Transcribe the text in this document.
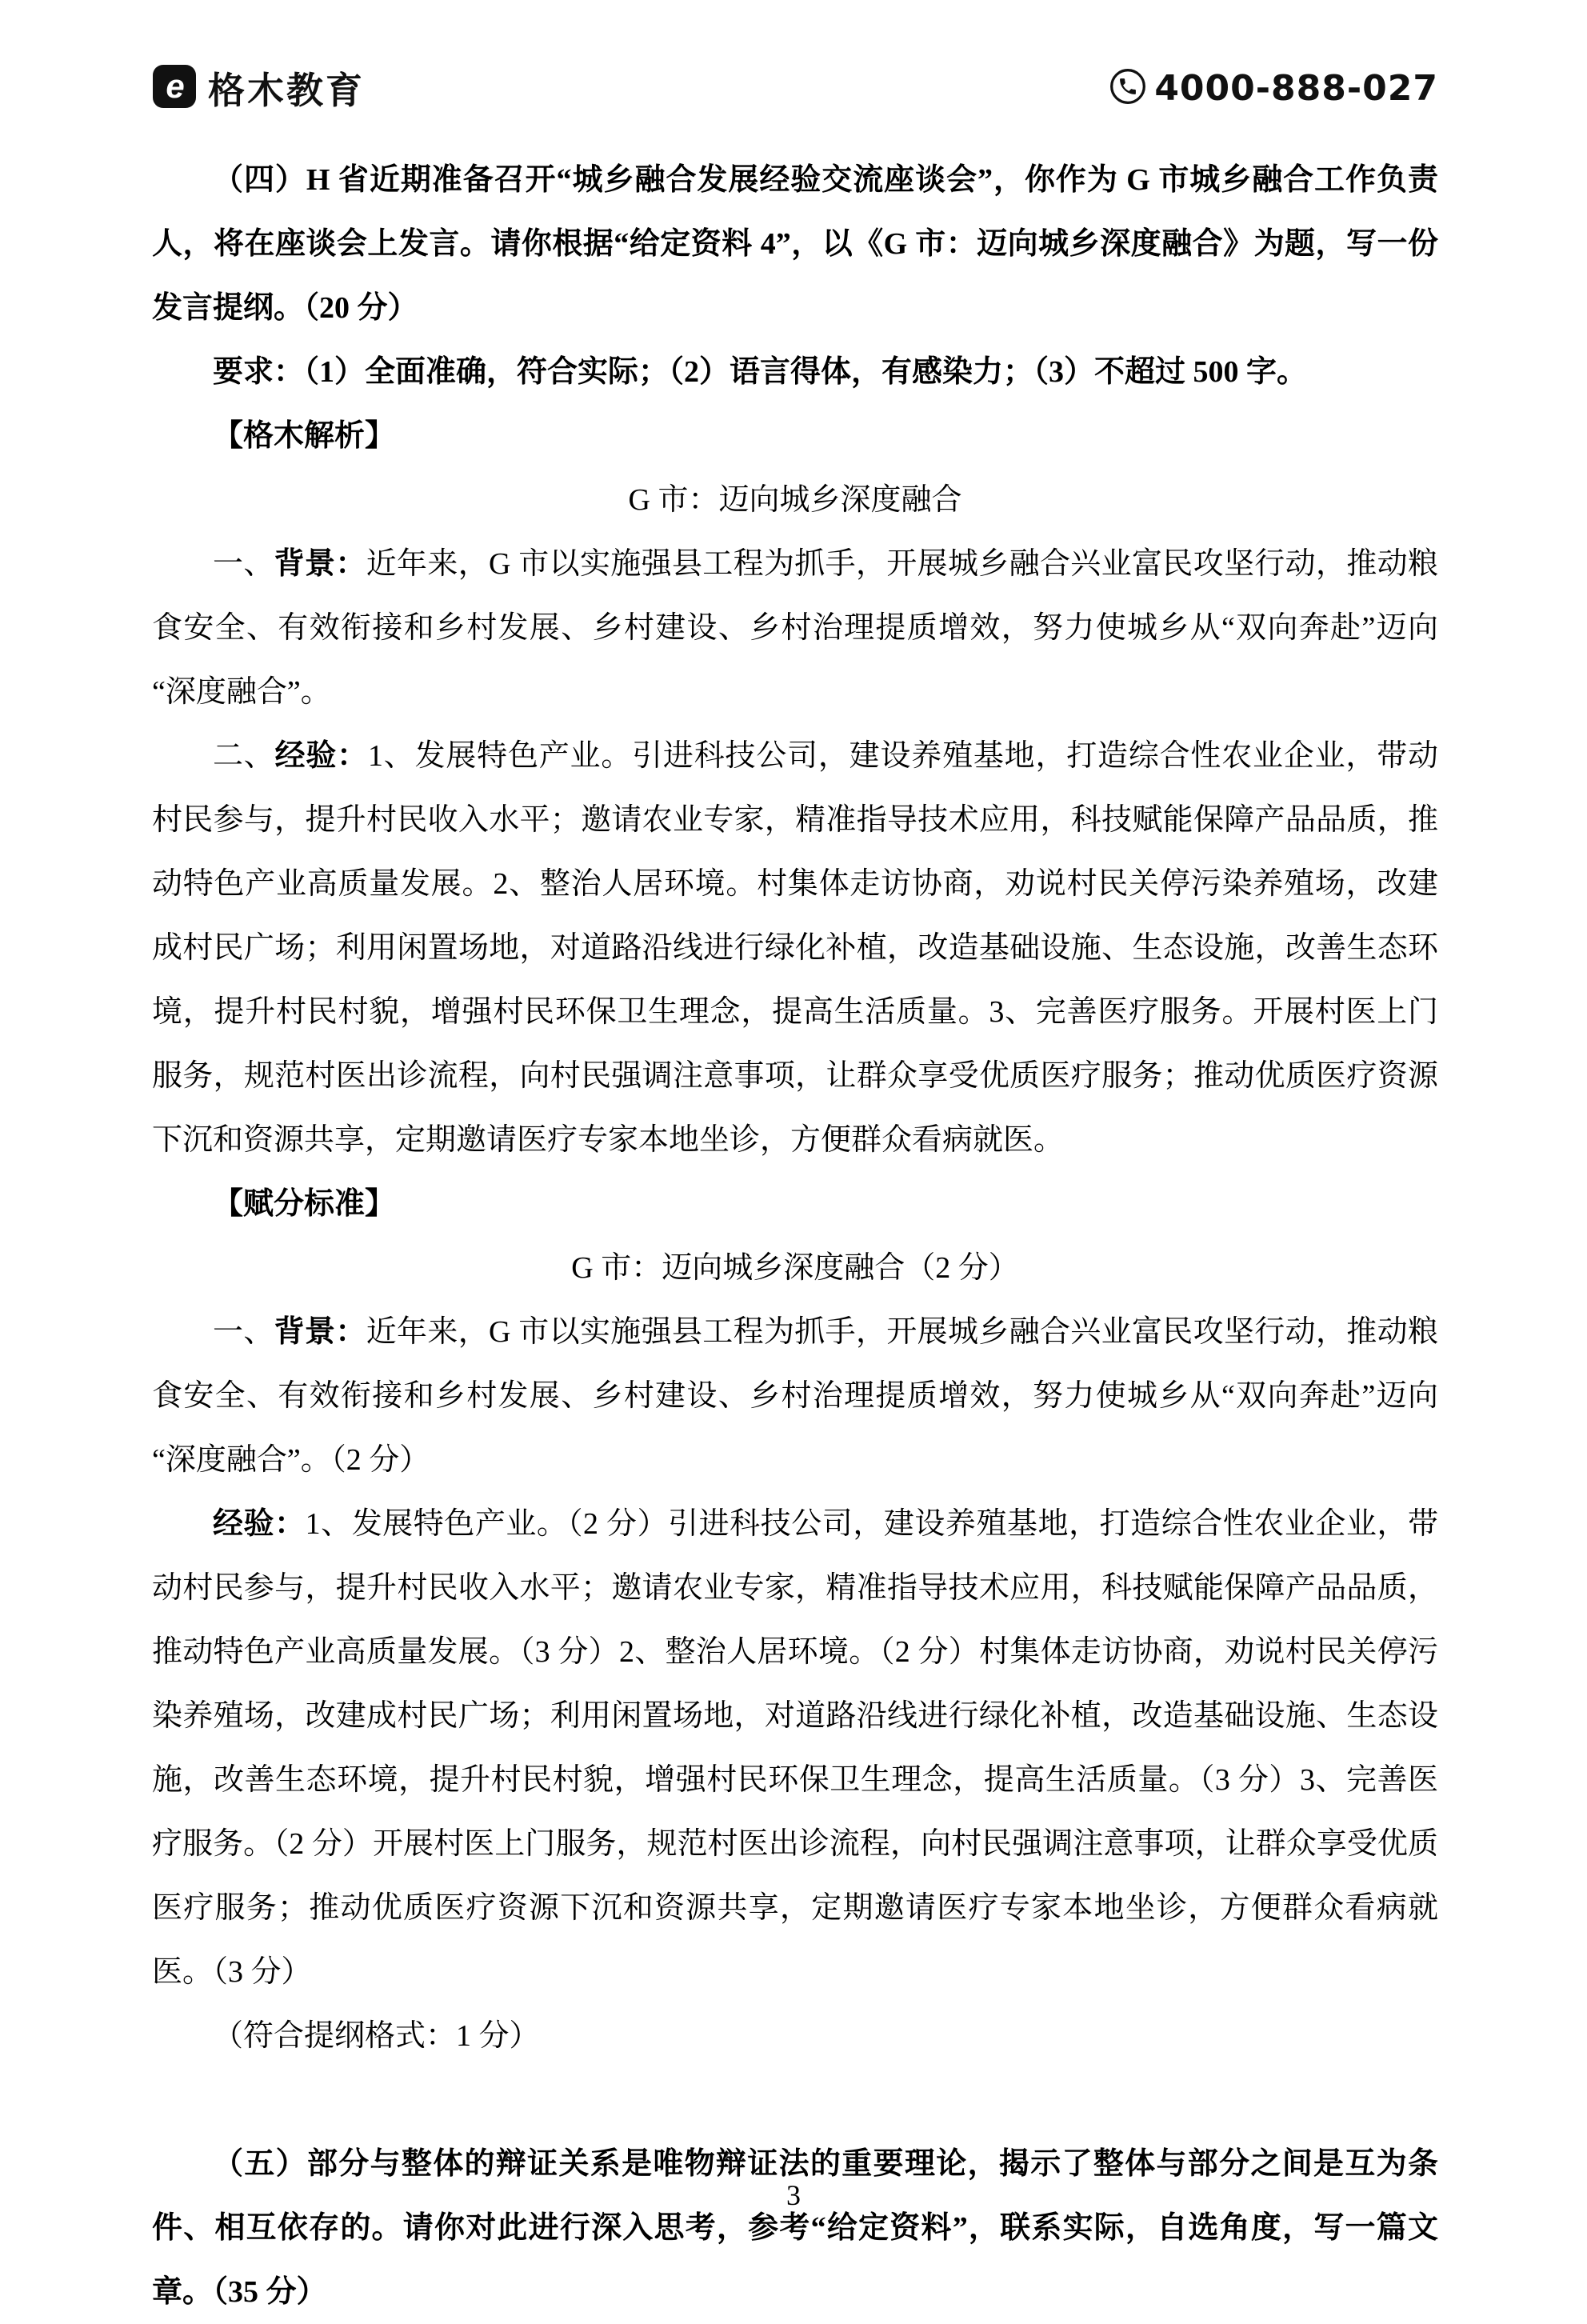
e 格木教育	4000-888-027

（四）H 省近期准备召开“城乡融合发展经验交流座谈会”，你作为 G 市城乡融合工作负责人，将在座谈会上发言。请你根据“给定资料 4”，以《G 市：迈向城乡深度融合》为题，写一份发言提纲。（20 分）

要求：（1）全面准确，符合实际；（2）语言得体，有感染力；（3）不超过 500 字。

【格木解析】

G 市：迈向城乡深度融合

一、背景：近年来，G 市以实施强县工程为抓手，开展城乡融合兴业富民攻坚行动，推动粮食安全、有效衔接和乡村发展、乡村建设、乡村治理提质增效，努力使城乡从“双向奔赴”迈向“深度融合”。

二、经验：1、发展特色产业。引进科技公司，建设养殖基地，打造综合性农业企业，带动村民参与，提升村民收入水平；邀请农业专家，精准指导技术应用，科技赋能保障产品品质，推动特色产业高质量发展。2、整治人居环境。村集体走访协商，劝说村民关停污染养殖场，改建成村民广场；利用闲置场地，对道路沿线进行绿化补植，改造基础设施、生态设施，改善生态环境，提升村民村貌，增强村民环保卫生理念，提高生活质量。3、完善医疗服务。开展村医上门服务，规范村医出诊流程，向村民强调注意事项，让群众享受优质医疗服务；推动优质医疗资源下沉和资源共享，定期邀请医疗专家本地坐诊，方便群众看病就医。

【赋分标准】

G 市：迈向城乡深度融合（2 分）

一、背景：近年来，G 市以实施强县工程为抓手，开展城乡融合兴业富民攻坚行动，推动粮食安全、有效衔接和乡村发展、乡村建设、乡村治理提质增效，努力使城乡从“双向奔赴”迈向“深度融合”。（2 分）

经验：1、发展特色产业。（2 分）引进科技公司，建设养殖基地，打造综合性农业企业，带动村民参与，提升村民收入水平；邀请农业专家，精准指导技术应用，科技赋能保障产品品质，推动特色产业高质量发展。（3 分）2、整治人居环境。（2 分）村集体走访协商，劝说村民关停污染养殖场，改建成村民广场；利用闲置场地，对道路沿线进行绿化补植，改造基础设施、生态设施，改善生态环境，提升村民村貌，增强村民环保卫生理念，提高生活质量。（3 分）3、完善医疗服务。（2 分）开展村医上门服务，规范村医出诊流程，向村民强调注意事项，让群众享受优质医疗服务；推动优质医疗资源下沉和资源共享，定期邀请医疗专家本地坐诊，方便群众看病就医。（3 分）

（符合提纲格式：1 分）

（五）部分与整体的辩证关系是唯物辩证法的重要理论，揭示了整体与部分之间是互为条件、相互依存的。请你对此进行深入思考，参考“给定资料”，联系实际，自选角度，写一篇文章。（35 分）

3
